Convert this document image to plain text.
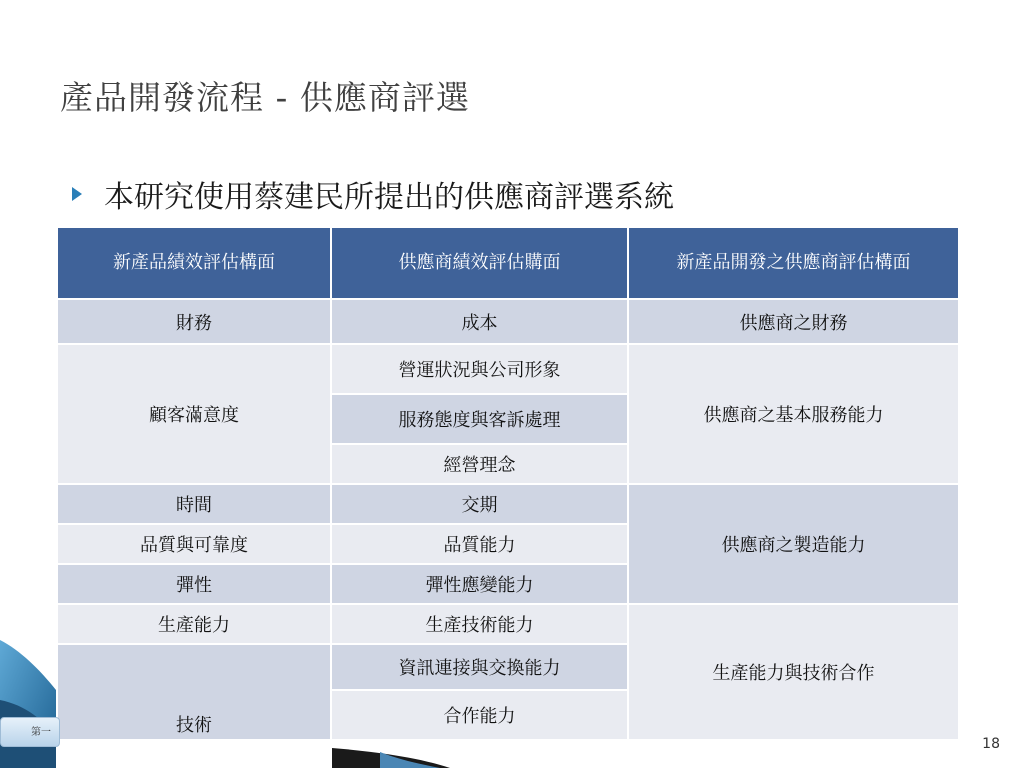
產品開發流程 - 供應商評選
本研究使用蔡建民所提出的供應商評選系統
新產品績效評估構面	供應商績效評估購面	新產品開發之供應商評估構面
財務	成本	供應商之財務
顧客滿意度	營運狀況與公司形象	供應商之基本服務能力
	服務態度與客訴處理	
	經營理念	
時間	交期	供應商之製造能力
品質與可靠度	品質能力	
彈性	彈性應變能力	
生產能力	生產技術能力	生產能力與技術合作
技術	資訊連接與交換能力	
	合作能力	
第一
18
